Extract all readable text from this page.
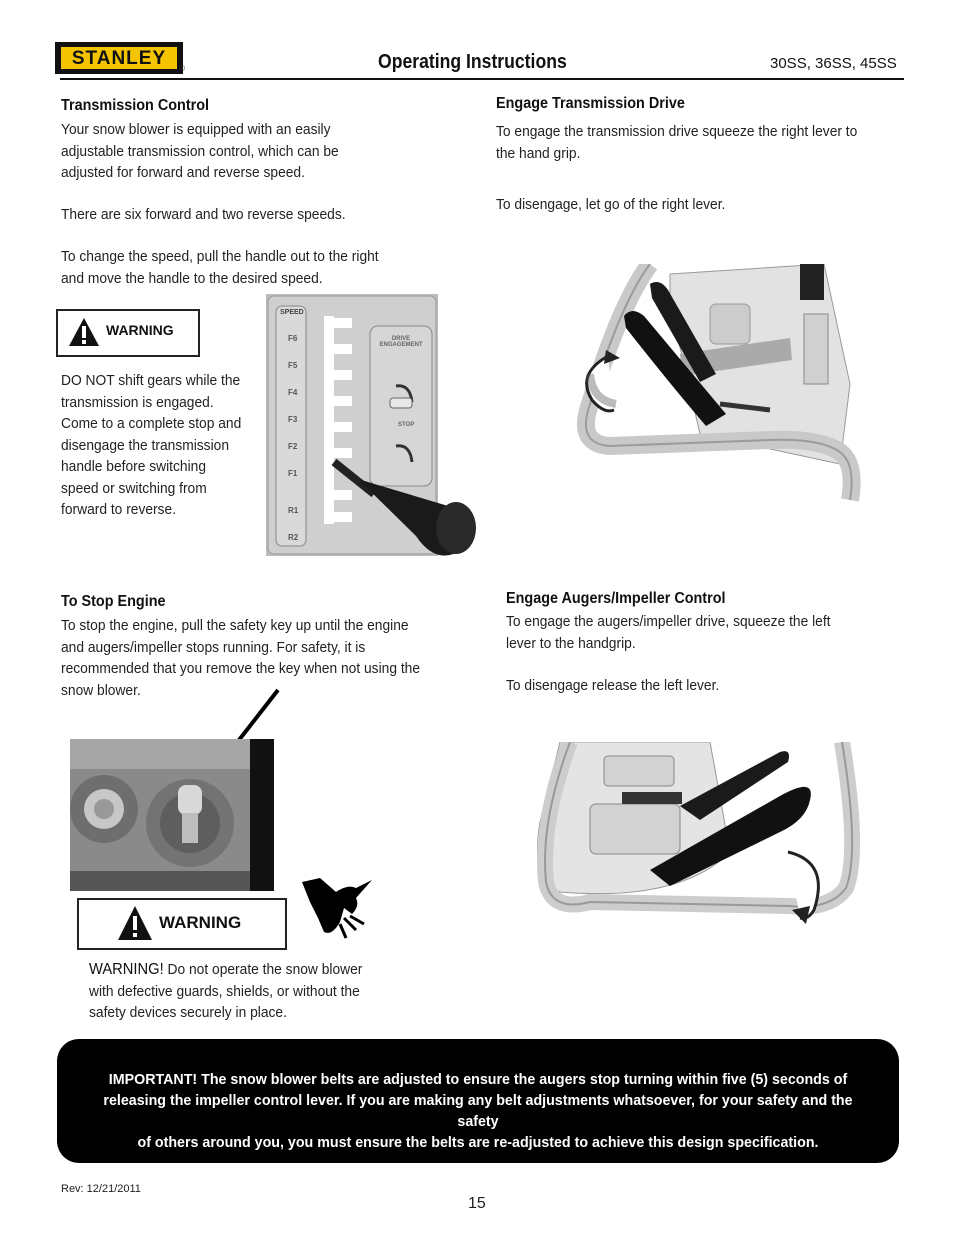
STANLEY	®	Operating Instructions	30SS, 36SS, 45SS
Transmission Control
Your snow blower is equipped with an easily
adjustable transmission control, which can be
adjusted for forward and reverse speed.
There are six forward and two reverse speeds.
To change the speed, pull the handle out to the right
and move the handle to the desired speed.
WARNING
DO NOT shift gears while the
transmission is engaged.
Come to a complete stop and
disengage the transmission
handle before switching
speed or switching from
forward to reverse.
SPEED
F6
F5
F4
F3
F2
F1
R1
R2
DRIVE
ENGAGEMENT
STOP
Engage Transmission Drive
To engage the transmission drive squeeze the right lever to
the hand grip.
To disengage, let go of the right lever.
To Stop Engine
To stop the engine, pull the safety key up until the engine
and augers/impeller stops running. For safety, it is
recommended that you remove the key when not using the
snow blower.
WARNING
WARNING! Do not operate the snow blower
with defective guards, shields, or without the
safety devices securely in place.
Engage Augers/Impeller Control
To engage the augers/impeller drive, squeeze the left
lever to the handgrip.
To disengage release the left lever.
IMPORTANT! The snow blower belts are adjusted to ensure the augers stop turning within five (5) seconds of
releasing the impeller control lever. If you are making any belt adjustments whatsoever, for your safety and the safety
of others around you, you must ensure the belts are re-adjusted to achieve this design specification.
Rev: 12/21/2011
15
